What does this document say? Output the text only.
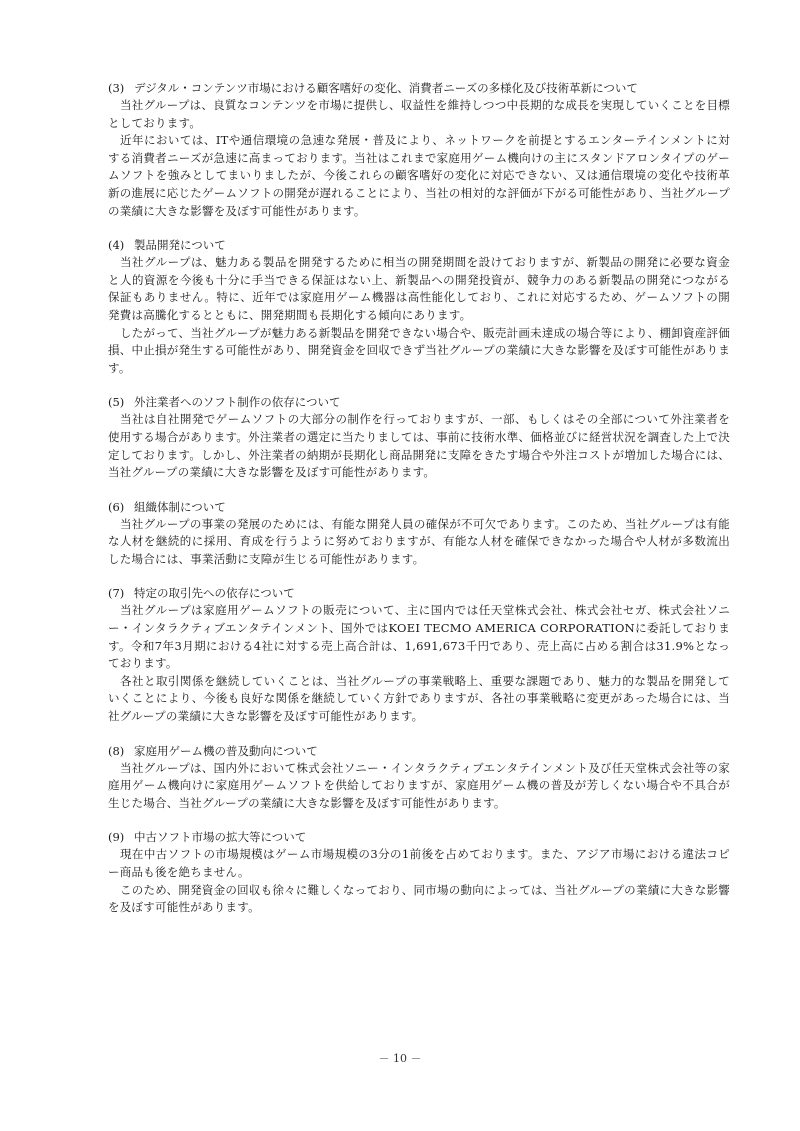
(3) デジタル・コンテンツ市場における顧客嗜好の変化、消費者ニーズの多様化及び技術革新について

当社グループは、良質なコンテンツを市場に提供し、収益性を維持しつつ中長期的な成長を実現していくことを目標としております。

近年においては、ITや通信環境の急速な発展・普及により、ネットワークを前提とするエンターテインメントに対する消費者ニーズが急速に高まっております。当社はこれまで家庭用ゲーム機向けの主にスタンドアロンタイプのゲームソフトを強みとしてまいりましたが、今後これらの顧客嗜好の変化に対応できない、又は通信環境の変化や技術革新の進展に応じたゲームソフトの開発が遅れることにより、当社の相対的な評価が下がる可能性があり、当社グループの業績に大きな影響を及ぼす可能性があります。

(4) 製品開発について

当社グループは、魅力ある製品を開発するために相当の開発期間を設けておりますが、新製品の開発に必要な資金と人的資源を今後も十分に手当できる保証はない上、新製品への開発投資が、競争力のある新製品の開発につながる保証もありません。特に、近年では家庭用ゲーム機器は高性能化しており、これに対応するため、ゲームソフトの開発費は高騰化するとともに、開発期間も長期化する傾向にあります。

したがって、当社グループが魅力ある新製品を開発できない場合や、販売計画未達成の場合等により、棚卸資産評価損、中止損が発生する可能性があり、開発資金を回収できず当社グループの業績に大きな影響を及ぼす可能性があります。

(5) 外注業者へのソフト制作の依存について

当社は自社開発でゲームソフトの大部分の制作を行っておりますが、一部、もしくはその全部について外注業者を使用する場合があります。外注業者の選定に当たりましては、事前に技術水準、価格並びに経営状況を調査した上で決定しております。しかし、外注業者の納期が長期化し商品開発に支障をきたす場合や外注コストが増加した場合には、当社グループの業績に大きな影響を及ぼす可能性があります。

(6) 組織体制について

当社グループの事業の発展のためには、有能な開発人員の確保が不可欠であります。このため、当社グループは有能な人材を継続的に採用、育成を行うように努めておりますが、有能な人材を確保できなかった場合や人材が多数流出した場合には、事業活動に支障が生じる可能性があります。

(7) 特定の取引先への依存について

当社グループは家庭用ゲームソフトの販売について、主に国内では任天堂株式会社、株式会社セガ、株式会社ソニー・インタラクティブエンタテインメント、国外ではKOEI TECMO AMERICA CORPORATIONに委託しております。令和7年3月期における4社に対する売上高合計は、1,691,673千円であり、売上高に占める割合は31.9%となっております。

各社と取引関係を継続していくことは、当社グループの事業戦略上、重要な課題であり、魅力的な製品を開発していくことにより、今後も良好な関係を継続していく方針でありますが、各社の事業戦略に変更があった場合には、当社グループの業績に大きな影響を及ぼす可能性があります。

(8) 家庭用ゲーム機の普及動向について

当社グループは、国内外において株式会社ソニー・インタラクティブエンタテインメント及び任天堂株式会社等の家庭用ゲーム機向けに家庭用ゲームソフトを供給しておりますが、家庭用ゲーム機の普及が芳しくない場合や不具合が生じた場合、当社グループの業績に大きな影響を及ぼす可能性があります。

(9) 中古ソフト市場の拡大等について

現在中古ソフトの市場規模はゲーム市場規模の3分の1前後を占めております。また、アジア市場における違法コピー商品も後を絶ちません。

このため、開発資金の回収も徐々に難しくなっており、同市場の動向によっては、当社グループの業績に大きな影響を及ぼす可能性があります。

－ 10 －
